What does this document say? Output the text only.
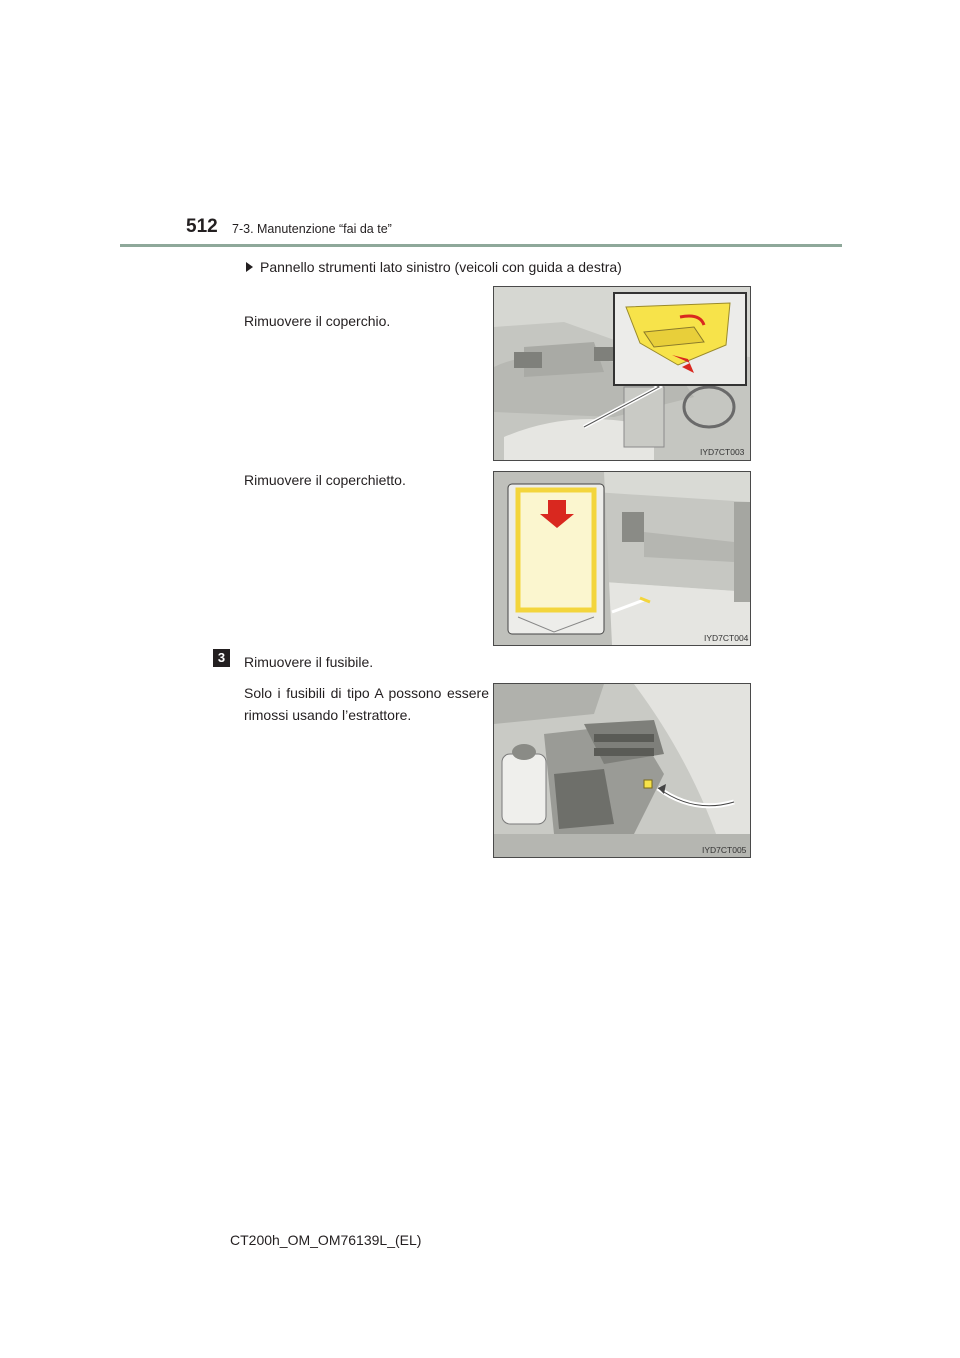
512 7-3. Manutenzione “fai da te”
Pannello strumenti lato sinistro (veicoli con guida a destra)
Rimuovere il coperchio.
IYD7CT003
Rimuovere il coperchietto.
IYD7CT004
3	Rimuovere il fusibile.
Solo i fusibili di tipo A possono essere rimossi usando l’estrattore.
IYD7CT005
CT200h_OM_OM76139L_(EL)
